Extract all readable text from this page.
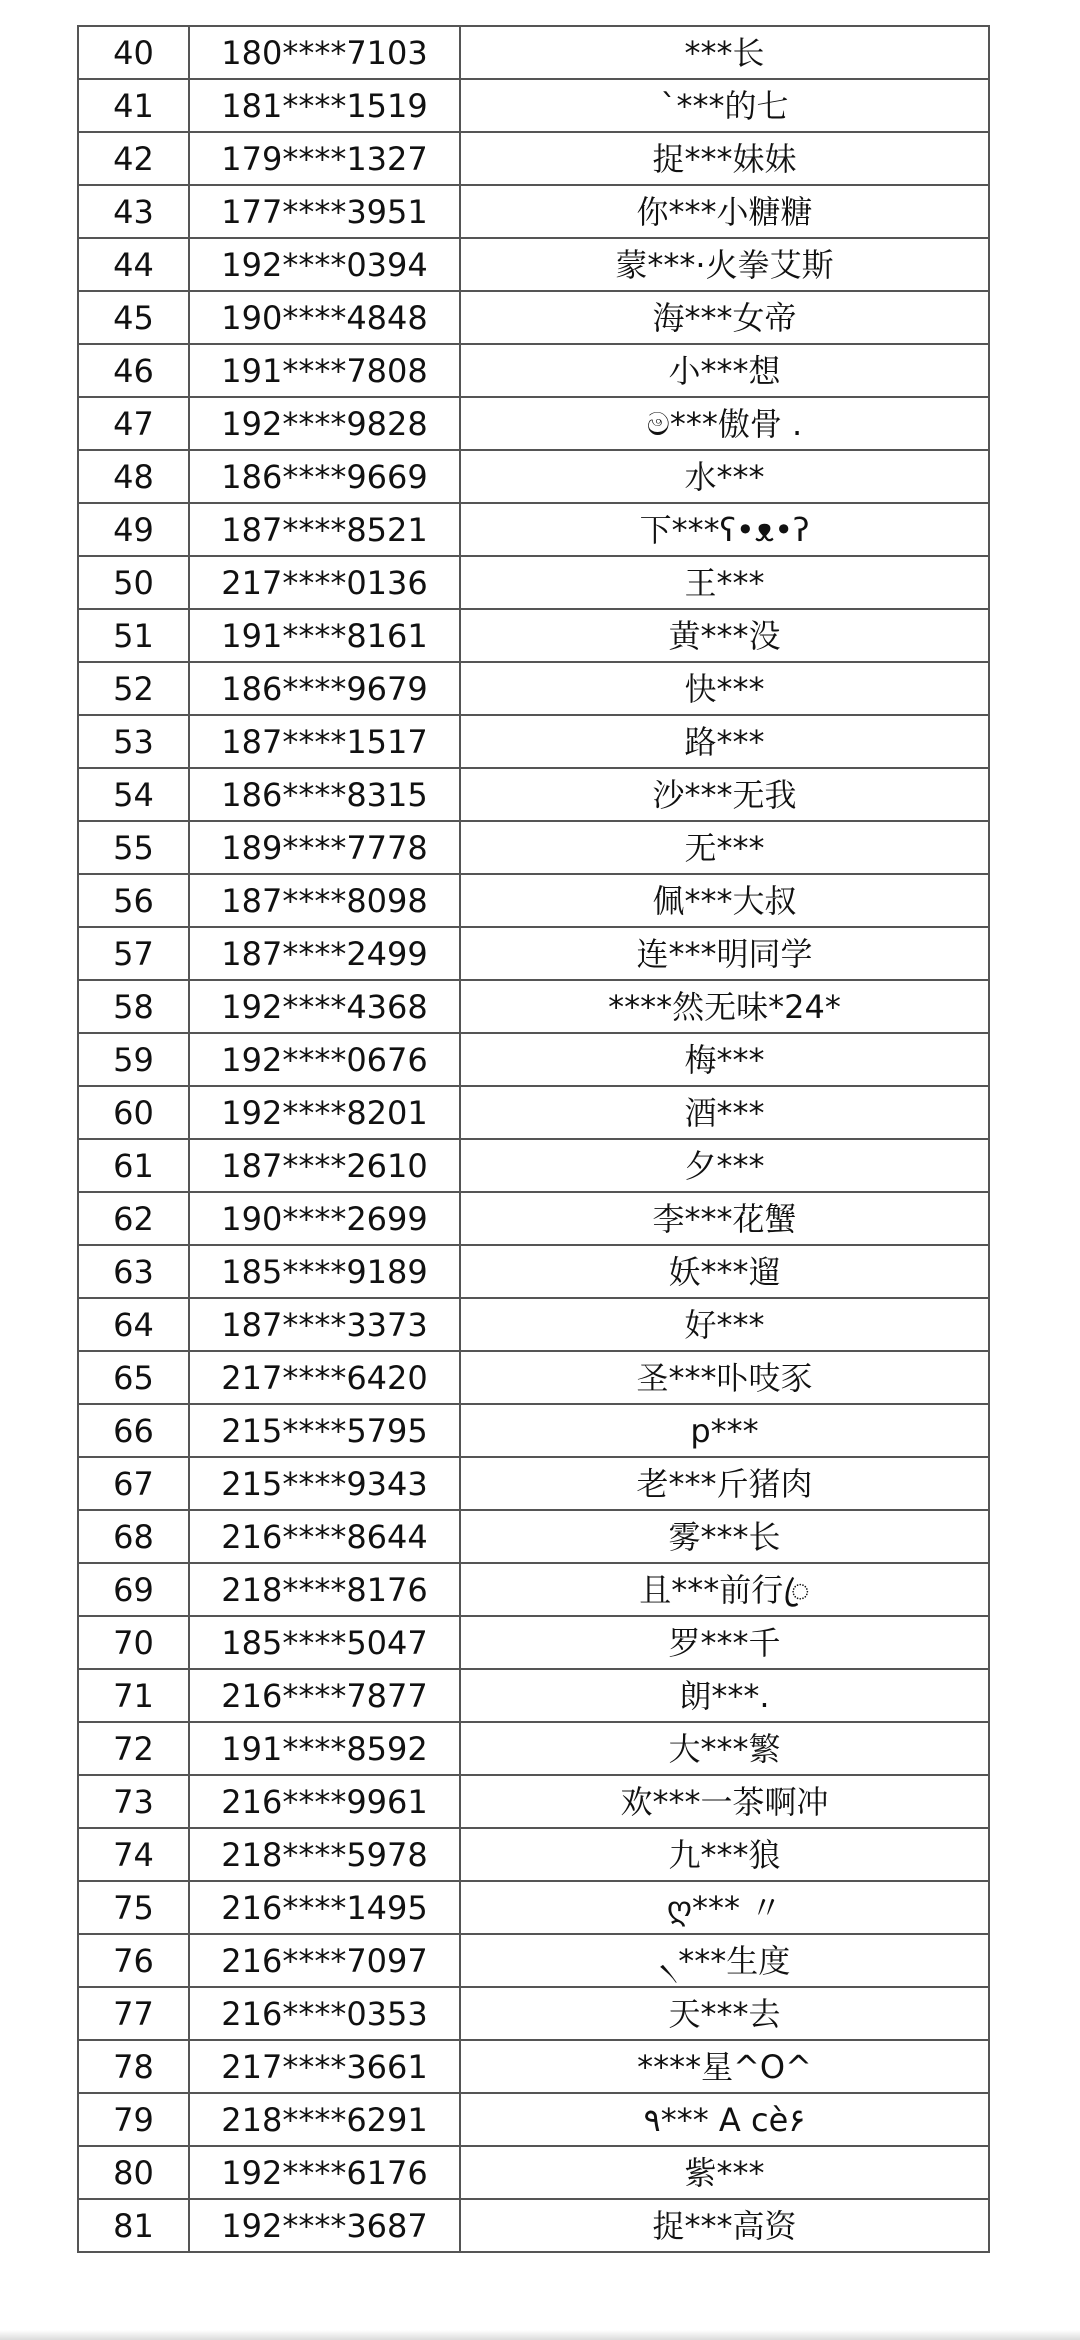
40	180****7103	***长
41	181****1519	`***的七
42	179****1327	捉***妹妹
43	177****3951	你***小糖糖
44	192****0394	蒙***·火拳艾斯
45	190****4848	海***女帝
46	191****7808	小***想
47	192****9828	ම***傲骨 .
48	186****9669	水***
49	187****8521	下***ʕ•ᴥ•ʔ
50	217****0136	王***
51	191****8161	黄***没
52	186****9679	快***
53	187****1517	路***
54	186****8315	沙***无我
55	189****7778	无***
56	187****8098	佩***大叔
57	187****2499	连***明同学
58	192****4368	****然无味*24*
59	192****0676	梅***
60	192****8201	酒***
61	187****2610	夕***
62	190****2699	李***花蟹
63	185****9189	妖***遛
64	187****3373	好***
65	217****6420	圣***卟吱豕
66	215****5795	p***
67	215****9343	老***斤猪肉
68	216****8644	雾***长
69	218****8176	且***前行ꦿ
70	185****5047	罗***千
71	216****7877	朗***.
72	191****8592	大***繁
73	216****9961	欢***一茶啊冲
74	218****5978	九***狼
75	216****1495	ღ*** 〃
76	216****7097	৲***生度
77	216****0353	天***去
78	217****3661	****星^O^
79	218****6291	٩*** A cè۶
80	192****6176	紫***
81	192****3687	捉***高资
